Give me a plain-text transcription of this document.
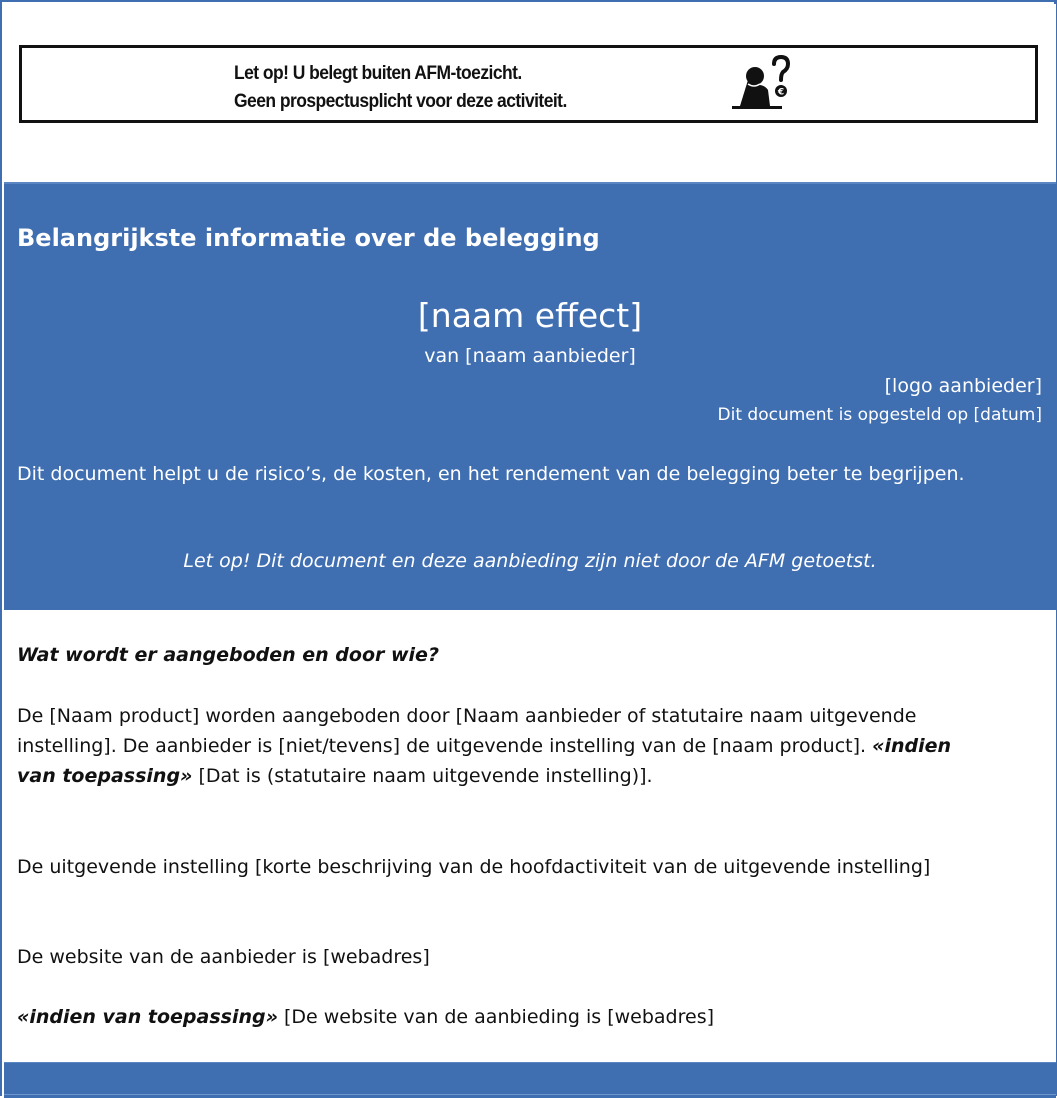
Let op! U belegt buiten AFM-toezicht.
Geen prospectusplicht voor deze activiteit.	€
Belangrijkste informatie over de belegging
[naam effect]
van [naam aanbieder]
[logo aanbieder]
Dit document is opgesteld op [datum]
Dit document helpt u de risico’s, de kosten, en het rendement van de belegging beter te begrijpen.
Let op! Dit document en deze aanbieding zijn niet door de AFM getoetst.
Wat wordt er aangeboden en door wie?
De [Naam product] worden aangeboden door [Naam aanbieder of statutaire naam uitgevende instelling]. De aanbieder is [niet/tevens] de uitgevende instelling van de [naam product]. «indien van toepassing» [Dat is (statutaire naam uitgevende instelling)].
De uitgevende instelling [korte beschrijving van de hoofdactiviteit van de uitgevende instelling]
De website van de aanbieder is [webadres]
«indien van toepassing» [De website van de aanbieding is [webadres]
